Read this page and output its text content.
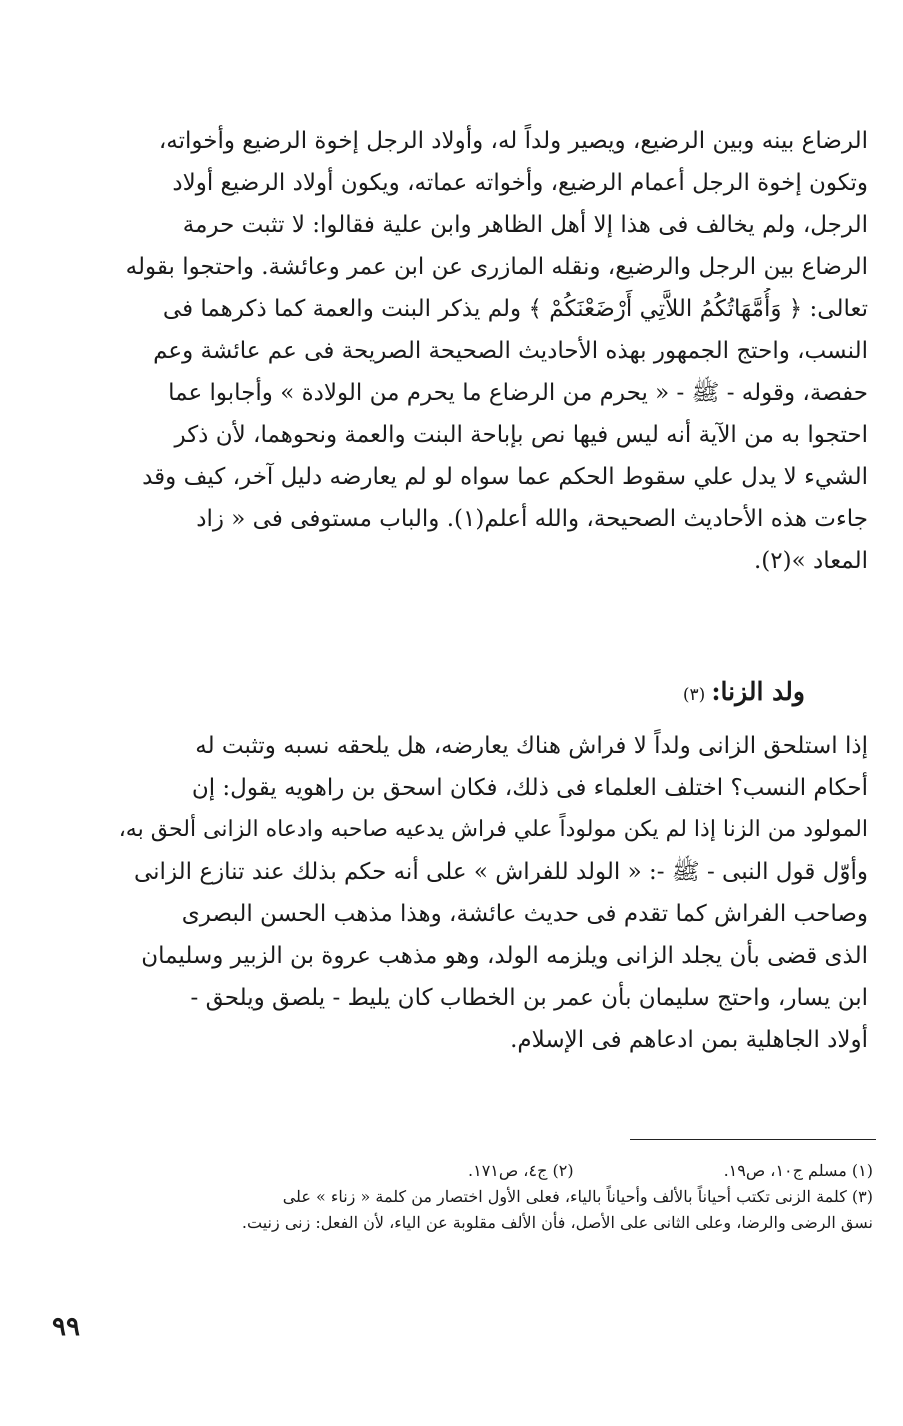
الرضاع بينه وبين الرضيع، ويصير ولداً له، وأولاد الرجل إخوة الرضيع وأخواته،
وتكون إخوة الرجل أعمام الرضيع، وأخواته عماته، ويكون أولاد الرضيع أولاد
الرجل، ولم يخالف فى هذا إلا أهل الظاهر وابن علية فقالوا: لا تثبت حرمة
الرضاع بين الرجل والرضيع، ونقله المازرى عن ابن عمر وعائشة. واحتجوا بقوله
تعالى: ﴿ وَأُمَّهَاتُكُمُ اللاَّتِي أَرْضَعْنَكُمْ ﴾ ولم يذكر البنت والعمة كما ذكرهما فى
النسب، واحتج الجمهور بهذه الأحاديث الصحيحة الصريحة فى عم عائشة وعم
حفصة، وقوله - ﷺ - « يحرم من الرضاع ما يحرم من الولادة » وأجابوا عما
احتجوا به من الآية أنه ليس فيها نص بإباحة البنت والعمة ونحوهما، لأن ذكر
الشيء لا يدل علي سقوط الحكم عما سواه لو لم يعارضه دليل آخر، كيف وقد
جاءت هذه الأحاديث الصحيحة، والله أعلم(١). والباب مستوفى فى « زاد
المعاد »(٢).
ولد الزنا:(٣)
إذا استلحق الزانى ولداً لا فراش هناك يعارضه، هل يلحقه نسبه وتثبت له
أحكام النسب؟ اختلف العلماء فى ذلك، فكان اسحق بن راهويه يقول: إن
المولود من الزنا إذا لم يكن مولوداً علي فراش يدعيه صاحبه وادعاه الزانى ألحق به،
وأوّل قول النبى - ﷺ -: « الولد للفراش » على أنه حكم بذلك عند تنازع الزانى
وصاحب الفراش كما تقدم فى حديث عائشة، وهذا مذهب الحسن البصرى
الذى قضى بأن يجلد الزانى ويلزمه الولد، وهو مذهب عروة بن الزبير وسليمان
ابن يسار، واحتج سليمان بأن عمر بن الخطاب كان يليط - يلصق ويلحق -
أولاد الجاهلية بمن ادعاهم فى الإسلام.
(١) مسلم ج١٠، ص١٩.
(٢) ج٤، ص١٧١.
(٣) كلمة الزنى تكتب أحياناً بالألف وأحياناً بالياء، فعلى الأول اختصار من كلمة « زناء » على
نسق الرضى والرضا، وعلى الثانى على الأصل، فأن الألف مقلوبة عن الياء، لأن الفعل: زنى زنيت.
٩٩
